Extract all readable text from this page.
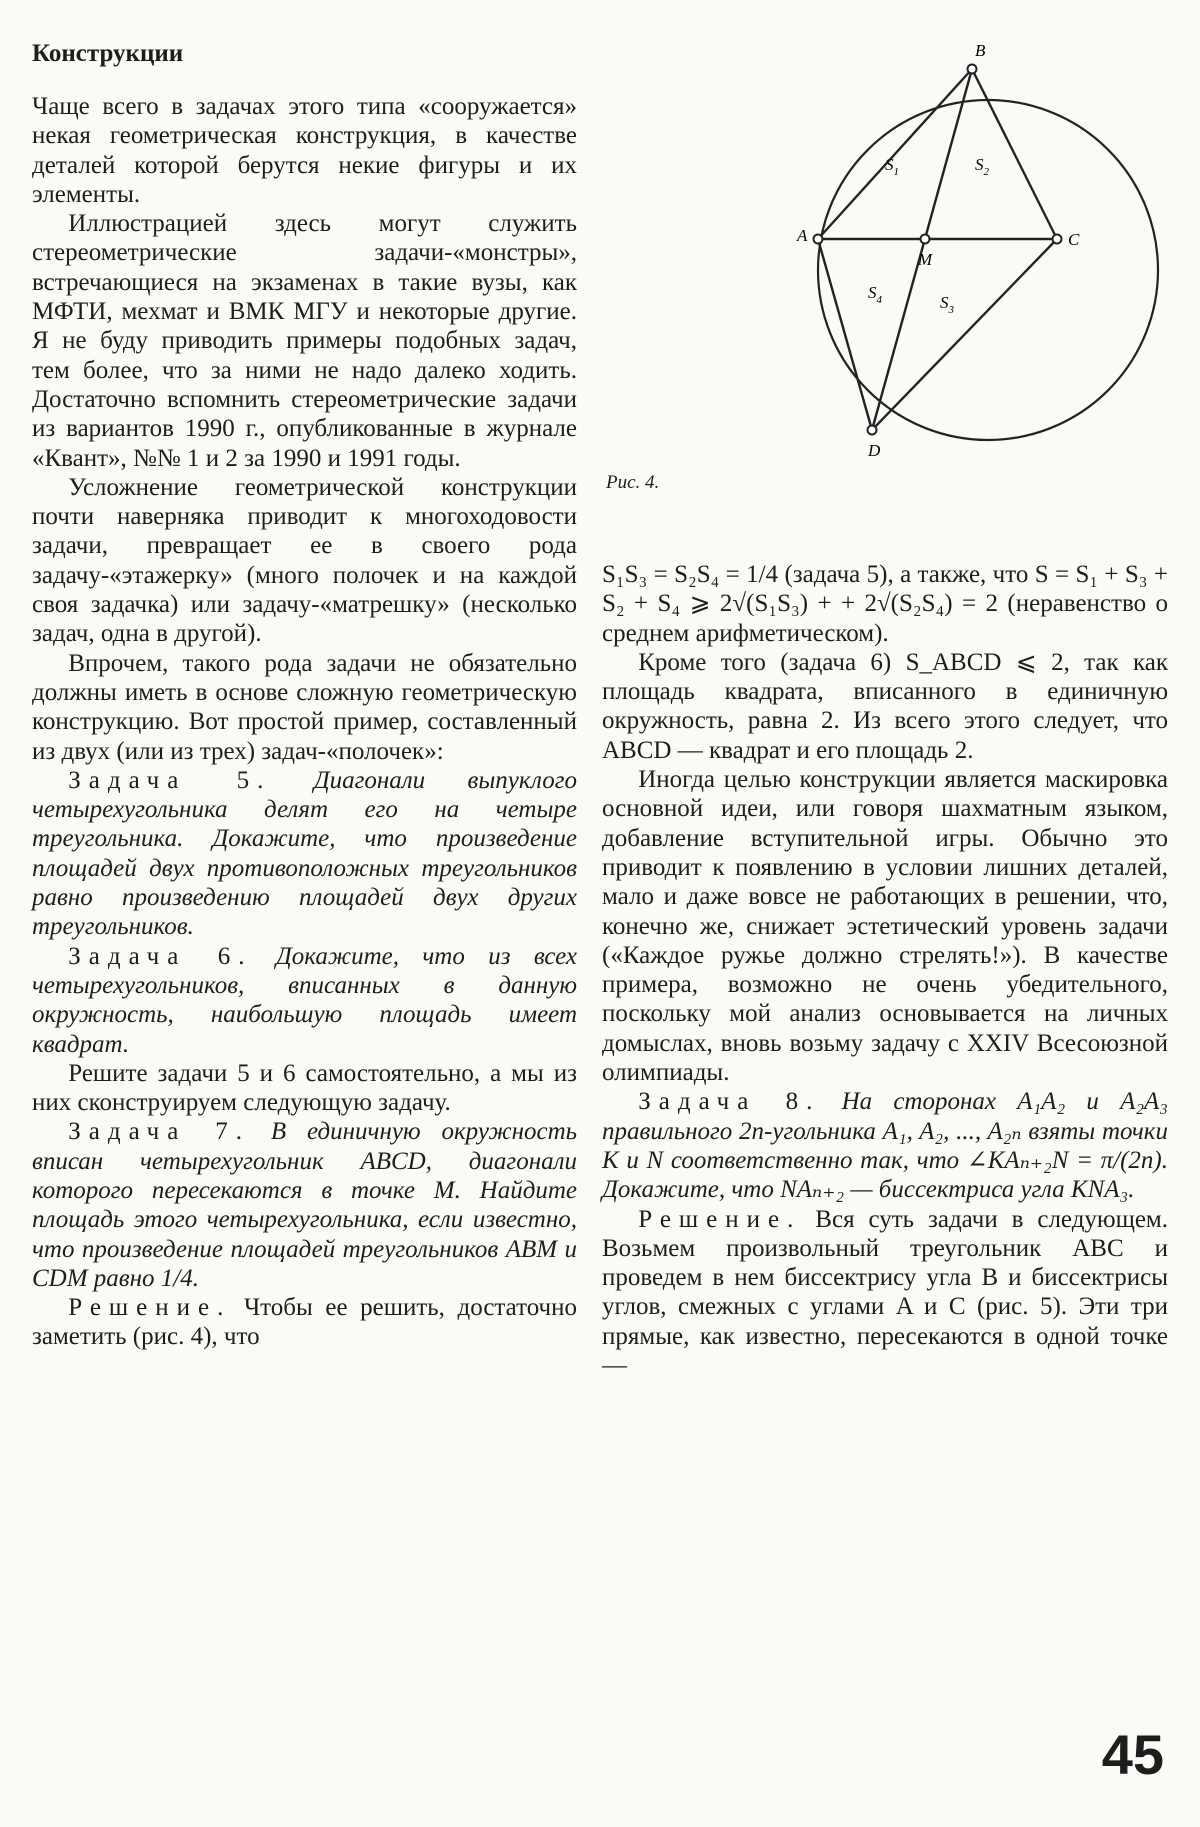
Конструкции

Чаще всего в задачах этого типа «сооружается» некая геометрическая конструкция, в качестве деталей которой берутся некие фигуры и их элементы.

Иллюстрацией здесь могут служить стереометрические задачи-«монстры», встречающиеся на экзаменах в такие вузы, как МФТИ, мехмат и ВМК МГУ и некоторые другие. Я не буду приводить примеры подобных задач, тем более, что за ними не надо далеко ходить. Достаточно вспомнить стереометрические задачи из вариантов 1990 г., опубликованные в журнале «Квант», №№ 1 и 2 за 1990 и 1991 годы.

Усложнение геометрической конструкции почти наверняка приводит к многоходовости задачи, превращает ее в своего рода задачу-«этажерку» (много полочек и на каждой своя задачка) или задачу-«матрешку» (несколько задач, одна в другой).

Впрочем, такого рода задачи не обязательно должны иметь в основе сложную геометрическую конструкцию. Вот простой пример, составленный из двух (или из трех) задач-«полочек»:

Задача 5. Диагонали выпуклого четырехугольника делят его на четыре треугольника. Докажите, что произведение площадей двух противоположных треугольников равно произведению площадей двух других треугольников.

Задача 6. Докажите, что из всех четырехугольников, вписанных в данную окружность, наибольшую площадь имеет квадрат.

Решите задачи 5 и 6 самостоятельно, а мы из них сконструируем следующую задачу.

Задача 7. В единичную окружность вписан четырехугольник ABCD, диагонали которого пересекаются в точке M. Найдите площадь этого четырехугольника, если известно, что произведение площадей треугольников ABM и CDM равно 1/4.

Решение. Чтобы ее решить, достаточно заметить (рис. 4), что

A
B
C
D
M
$S_1$	$S_2$
$S_3$
$S_4$
Рис. 4.

S₁S₃ = S₂S₄ = 1/4 (задача 5), а также, что S = S₁ + S₃ + S₂ + S₄ ⩾ 2√(S₁S₃) + + 2√(S₂S₄) = 2 (неравенство о среднем арифметическом).

Кроме того (задача 6) S_ABCD ⩽ 2, так как площадь квадрата, вписанного в единичную окружность, равна 2. Из всего этого следует, что ABCD — квадрат и его площадь 2.

Иногда целью конструкции является маскировка основной идеи, или говоря шахматным языком, добавление вступительной игры. Обычно это приводит к появлению в условии лишних деталей, мало и даже вовсе не работающих в решении, что, конечно же, снижает эстетический уровень задачи («Каждое ружье должно стрелять!»). В качестве примера, возможно не очень убедительного, поскольку мой анализ основывается на личных домыслах, вновь возьму задачу с XXIV Всесоюзной олимпиады.

Задача 8. На сторонах A₁A₂ и A₂A₃ правильного 2n-угольника A₁, A₂, ..., A₂ₙ взяты точки K и N соответственно так, что ∠KAₙ₊₂N = π/(2n). Докажите, что NAₙ₊₂ — биссектриса угла KNA₃.

Решение. Вся суть задачи в следующем. Возьмем произвольный треугольник ABC и проведем в нем биссектрису угла B и биссектрисы углов, смежных с углами A и C (рис. 5). Эти три прямые, как известно, пересекаются в одной точке —

45
